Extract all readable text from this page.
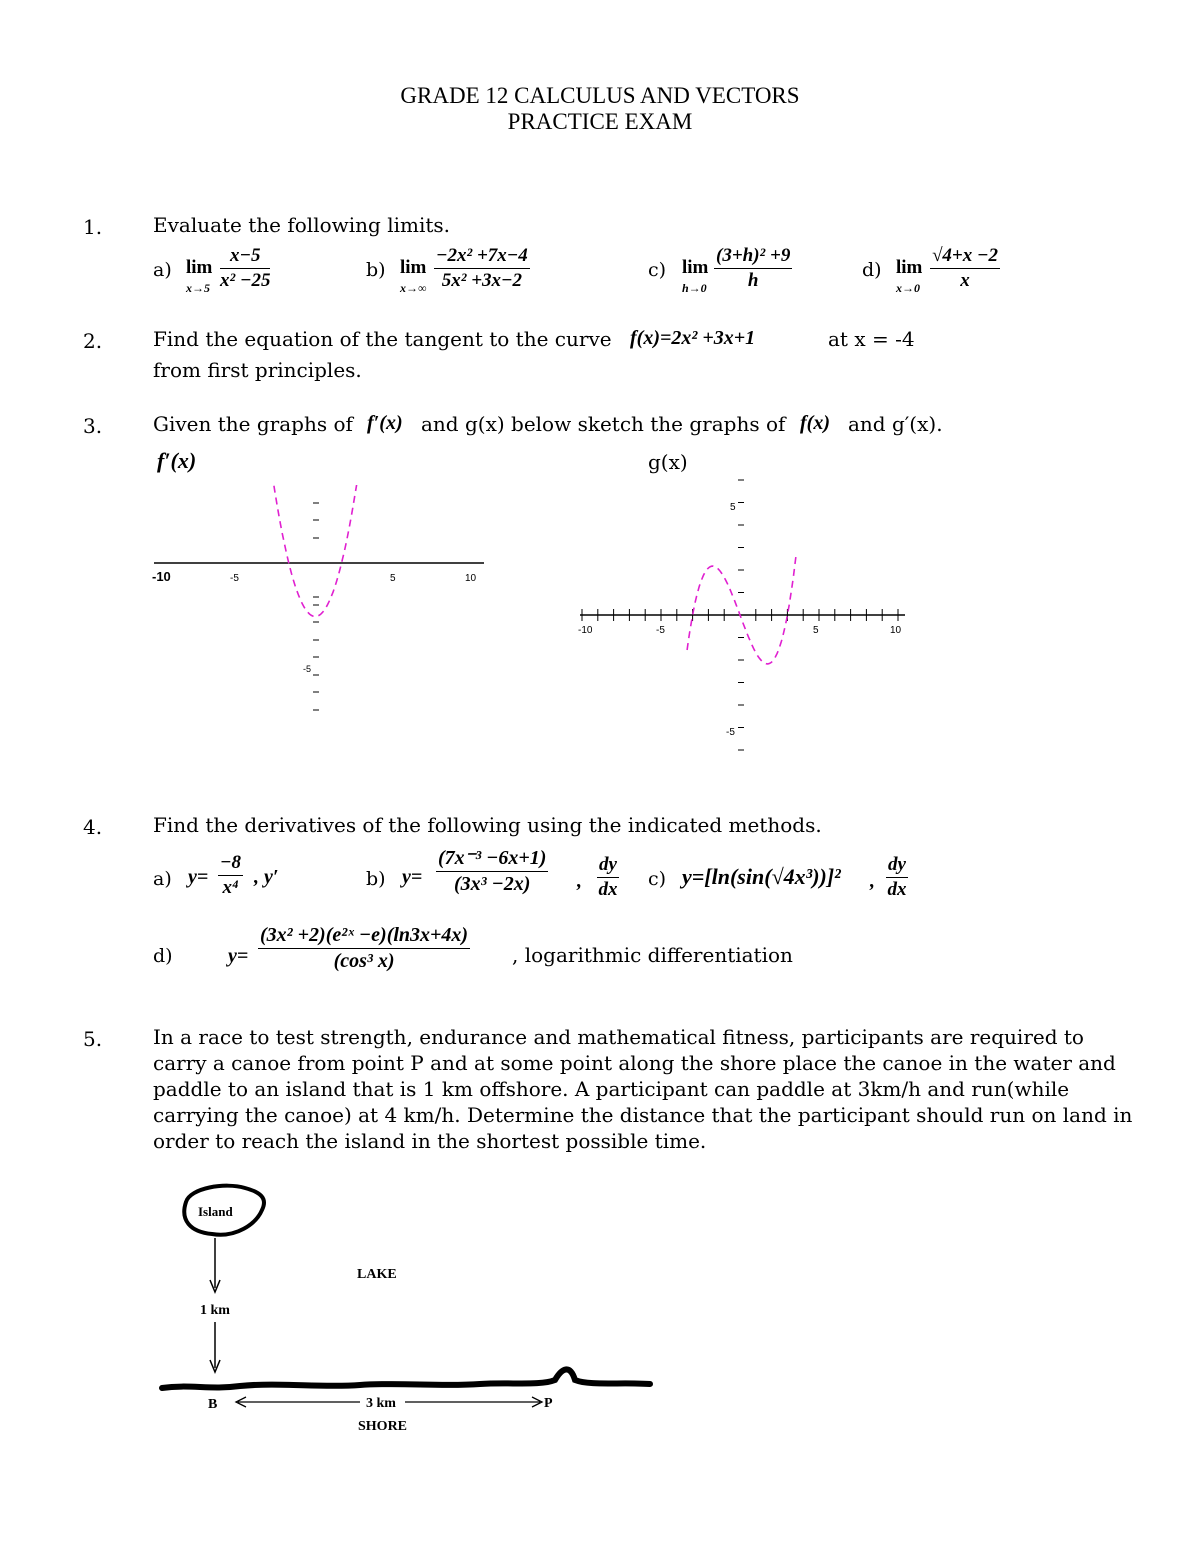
GRADE 12 CALCULUS AND VECTORS
PRACTICE EXAM
1.	Evaluate the following limits.
a) lim
$x\to 5 \frac{x-5}{\text{x² −25}}$	b) lim
$x\to\infty \frac{\text{−2x² +7x−4}}{\text{5x² +3x−2}}$	c) lim
$h\to 0 \frac{\text{(3+h)² +9}}{h}$	d) lim
$x\to 0 \frac{√4+x -2}{x}$
2.	Find the equation of the tangent to the curve f(x)=2x² +3x+1	at x = -4
from first principles.
3.	Given the graphs of f′(x) and g(x) below sketch the graphs of f(x) and g′(x).
f′(x)	g(x)
-10	-5	5	10
-5
-10	-5	5	10
5
-5
4.	Find the derivatives of the following using the indicated methods.
a) $y= \frac{-8}{\text{x⁴}}$ , y′	b) $y= \frac{\text{(7x⁻³ −6x+1)}}{\text{(3x³ −2x)}}$ , $\frac{dy}{dx} c$) y=[ln(sin(√4x³))]² , $\frac{dy}{dx}$
d)	$y= \frac{\text{(3x² +2)(e²ˣ −e)(ln3x+4x)}}{\text{(cos³ x)}}$ , logarithmic differentiation
5.	In a race to test strength, endurance and mathematical fitness, participants are required to carry a canoe from point P and at some point along the shore place the canoe in the water and paddle to an island that is 1 km offshore. A participant can paddle at 3km/h and run(while carrying the canoe) at 4 km/h. Determine the distance that the participant should run on land in order to reach the island in the shortest possible time.
Island
1 km
LAKE
B	3 km	P
SHORE
